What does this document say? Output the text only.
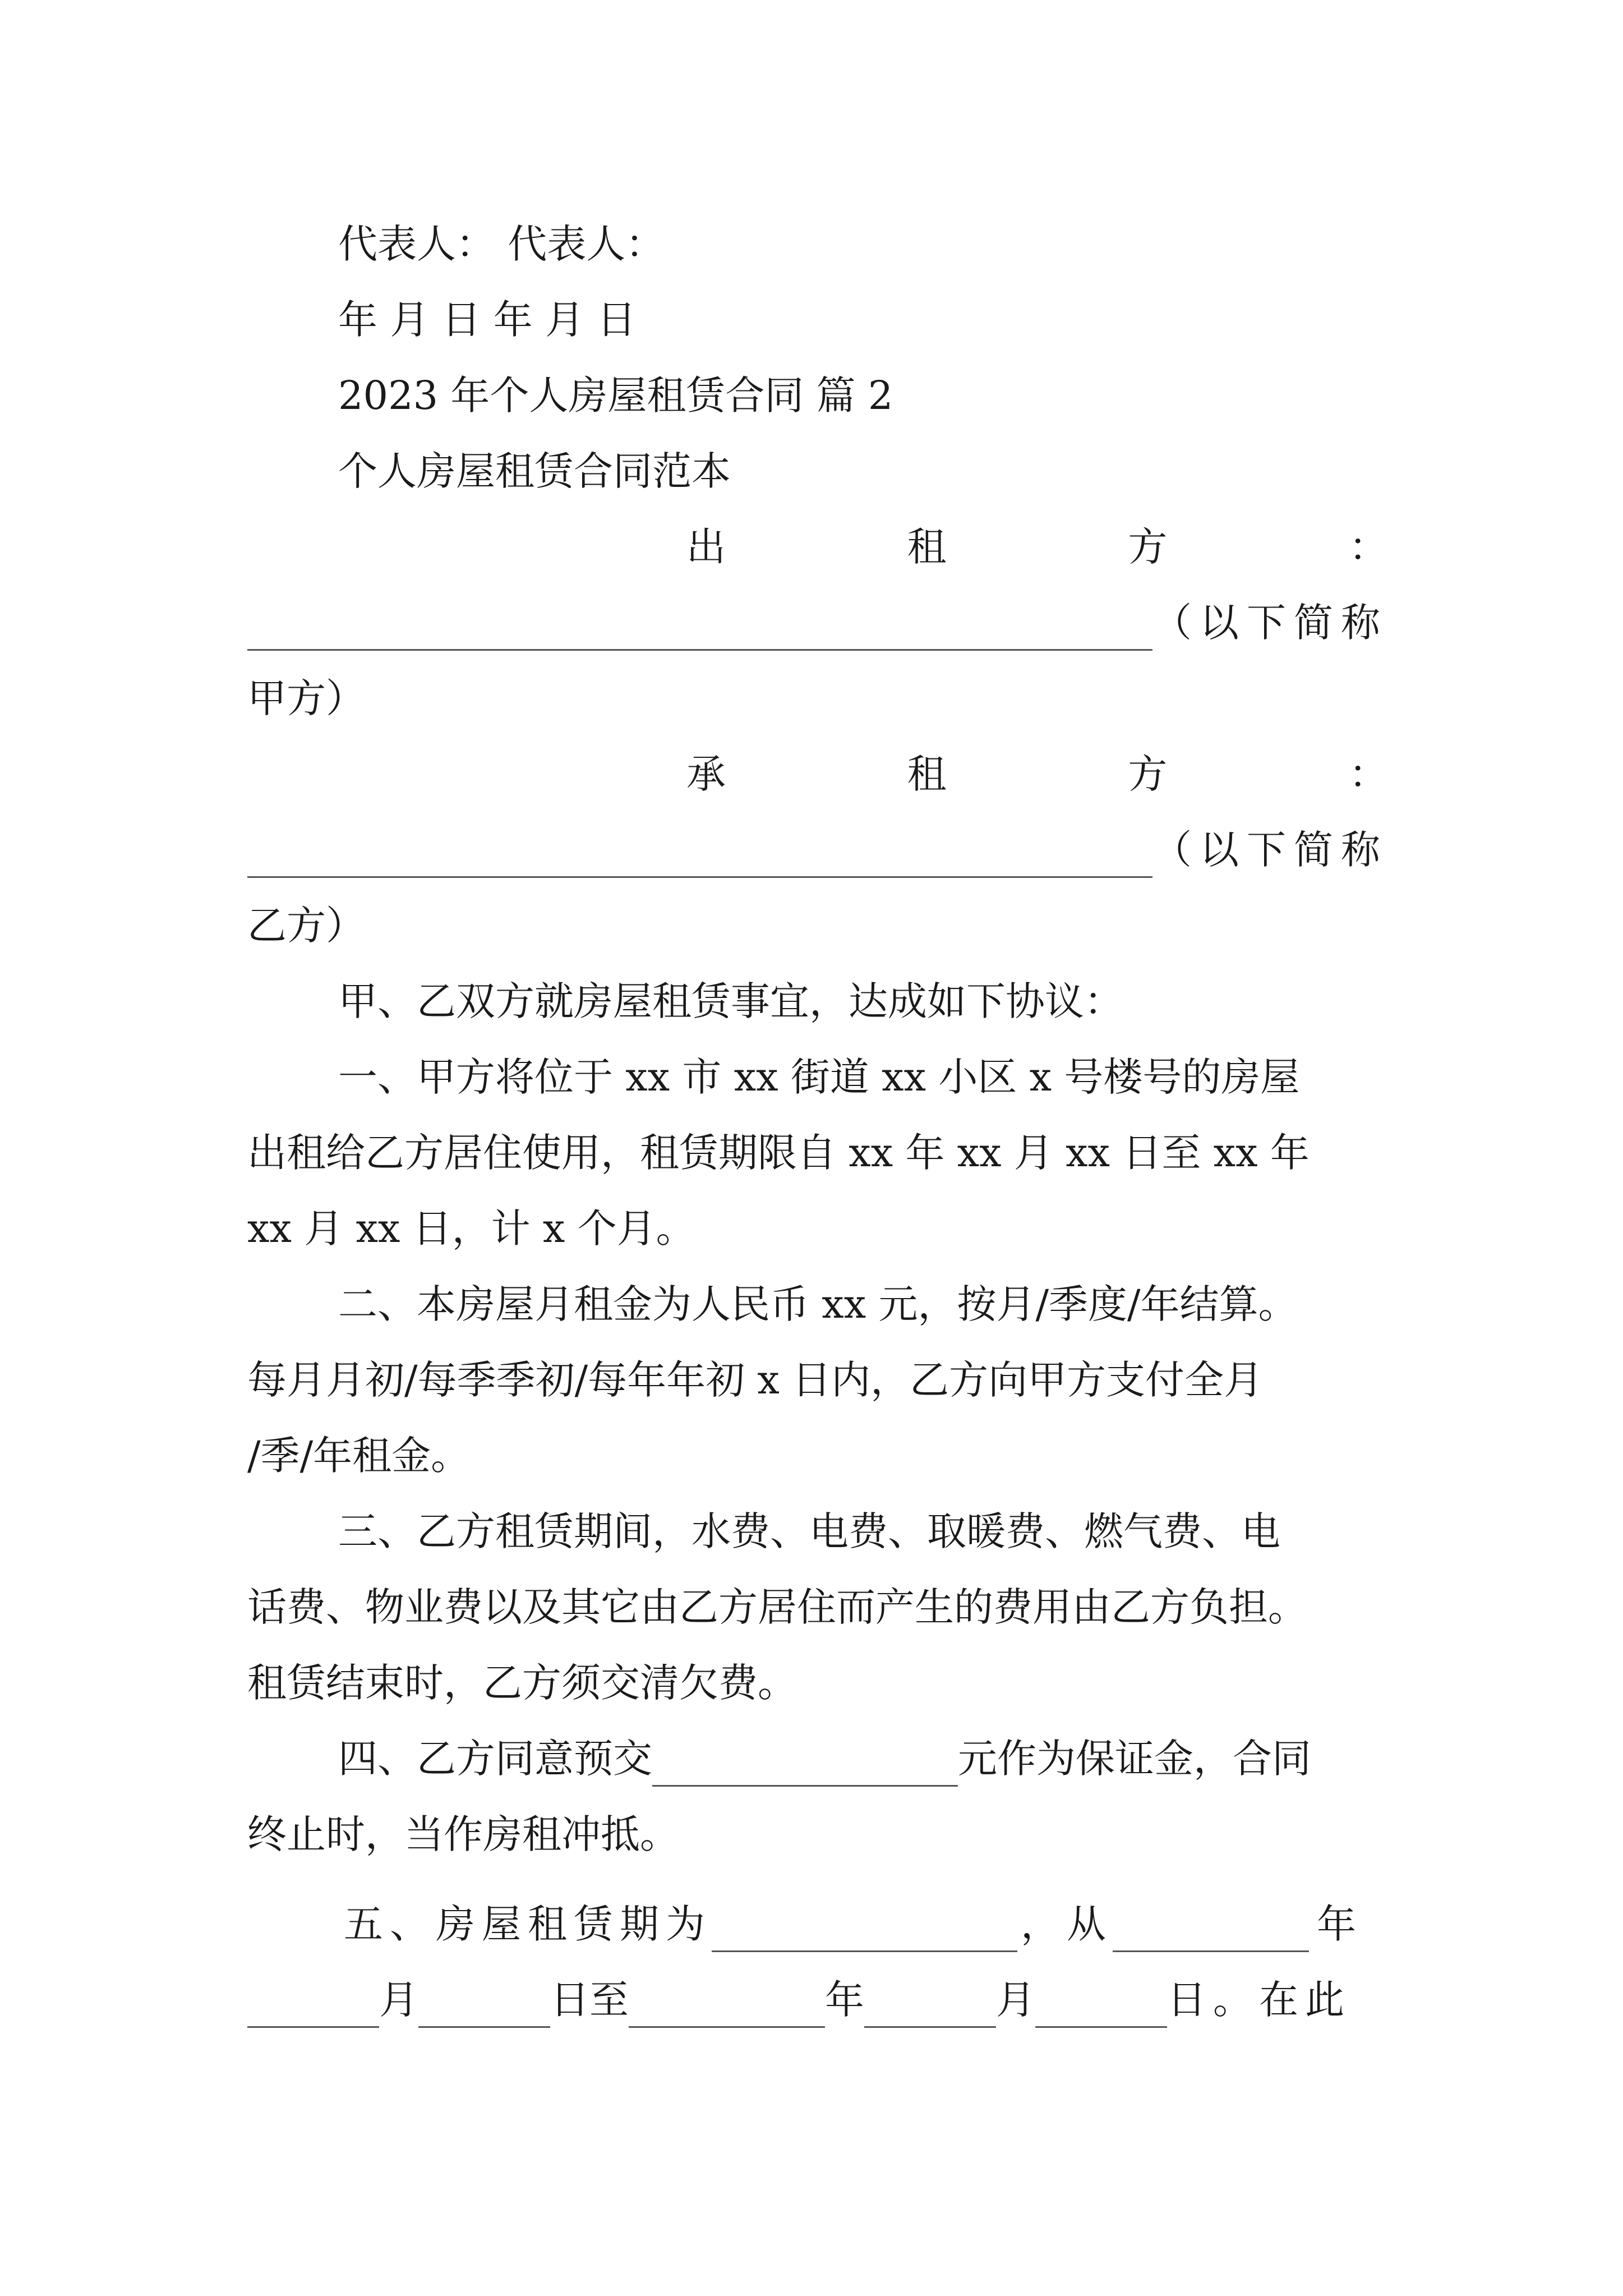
代表人： 代表人：
年 月 日 年 月 日
2023 年个人房屋租赁合同 篇 2
个人房屋租赁合同范本
出	租	方	：
（以下简称
甲方）
承	租	方	：
（以下简称
乙方）
甲、乙双方就房屋租赁事宜，达成如下协议：
一、甲方将位于 xx 市 xx 街道 xx 小区 x 号楼号的房屋
出租给乙方居住使用，租赁期限自 xx 年 xx 月 xx 日至 xx 年
xx 月 xx 日，计 x 个月。
二、本房屋月租金为人民币 xx 元，按月/季度/年结算。
每月月初/每季季初/每年年初 x 日内，乙方向甲方支付全月
/季/年租金。
三、乙方租赁期间，水费、电费、取暖费、燃气费、电
话费、物业费以及其它由乙方居住而产生的费用由乙方负担。
租赁结束时，乙方须交清欠费。
四、乙方同意预交	元作为保证金，合同
终止时，当作房租冲抵。
五、房屋租赁期为	，从	年
月	日至	年	月	日。在此
